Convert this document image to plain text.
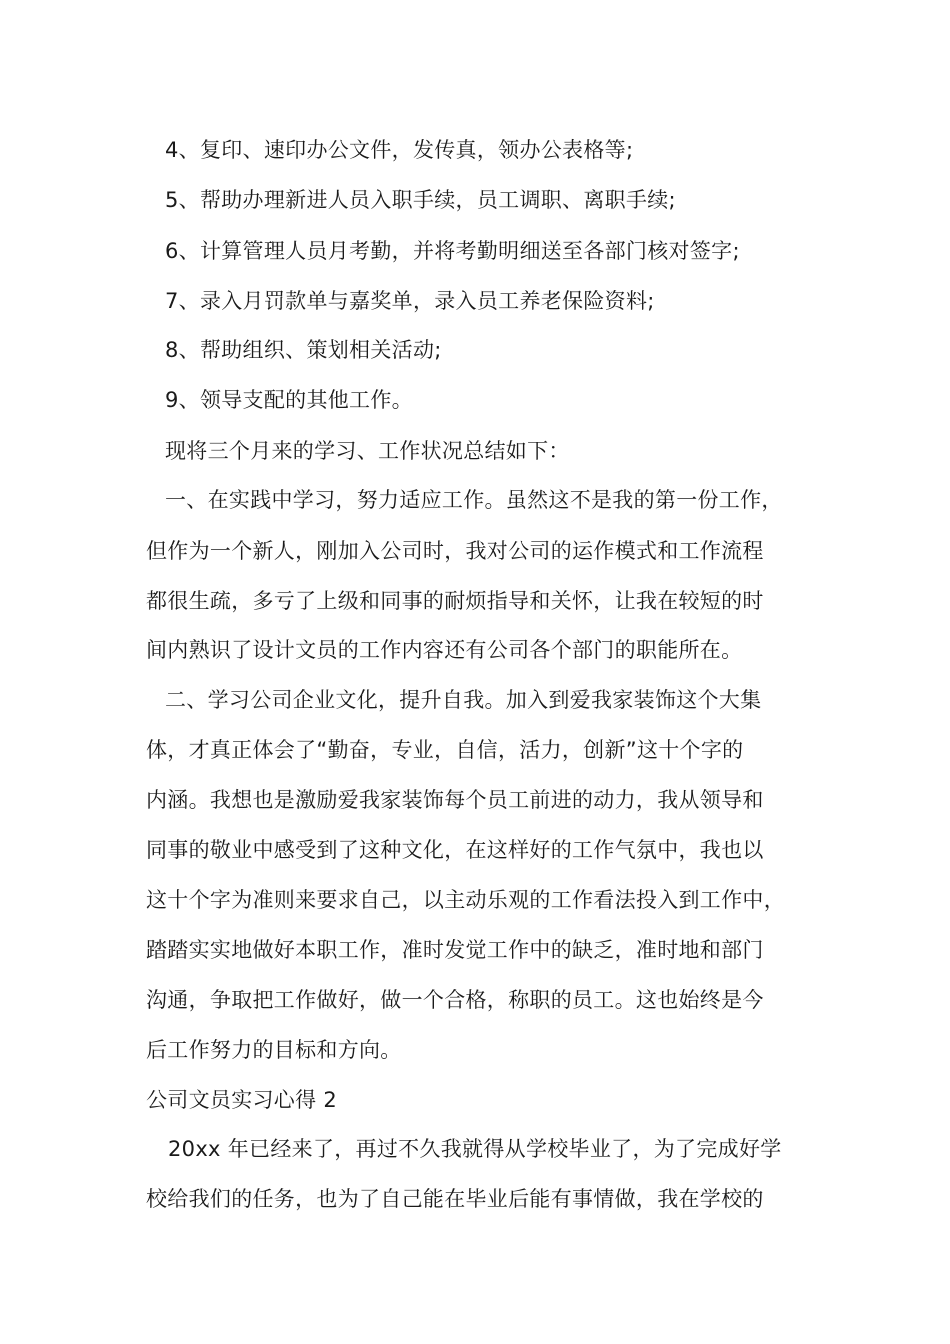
4、复印、速印办公文件，发传真，领办公表格等;
5、帮助办理新进人员入职手续，员工调职、离职手续;
6、计算管理人员月考勤，并将考勤明细送至各部门核对签字;
7、录入月罚款单与嘉奖单，录入员工养老保险资料;
8、帮助组织、策划相关活动;
9、领导支配的其他工作。
现将三个月来的学习、工作状况总结如下：
一、在实践中学习，努力适应工作。虽然这不是我的第一份工作，
但作为一个新人，刚加入公司时，我对公司的运作模式和工作流程
都很生疏，多亏了上级和同事的耐烦指导和关怀，让我在较短的时
间内熟识了设计文员的工作内容还有公司各个部门的职能所在。
二、学习公司企业文化，提升自我。加入到爱我家装饰这个大集
体，才真正体会了“勤奋，专业，自信，活力，创新”这十个字的
内涵。我想也是激励爱我家装饰每个员工前进的动力，我从领导和
同事的敬业中感受到了这种文化，在这样好的工作气氛中，我也以
这十个字为准则来要求自己，以主动乐观的工作看法投入到工作中，
踏踏实实地做好本职工作，准时发觉工作中的缺乏，准时地和部门
沟通，争取把工作做好，做一个合格，称职的员工。这也始终是今
后工作努力的目标和方向。
公司文员实习心得 2
20xx 年已经来了，再过不久我就得从学校毕业了，为了完成好学
校给我们的任务，也为了自己能在毕业后能有事情做，我在学校的
